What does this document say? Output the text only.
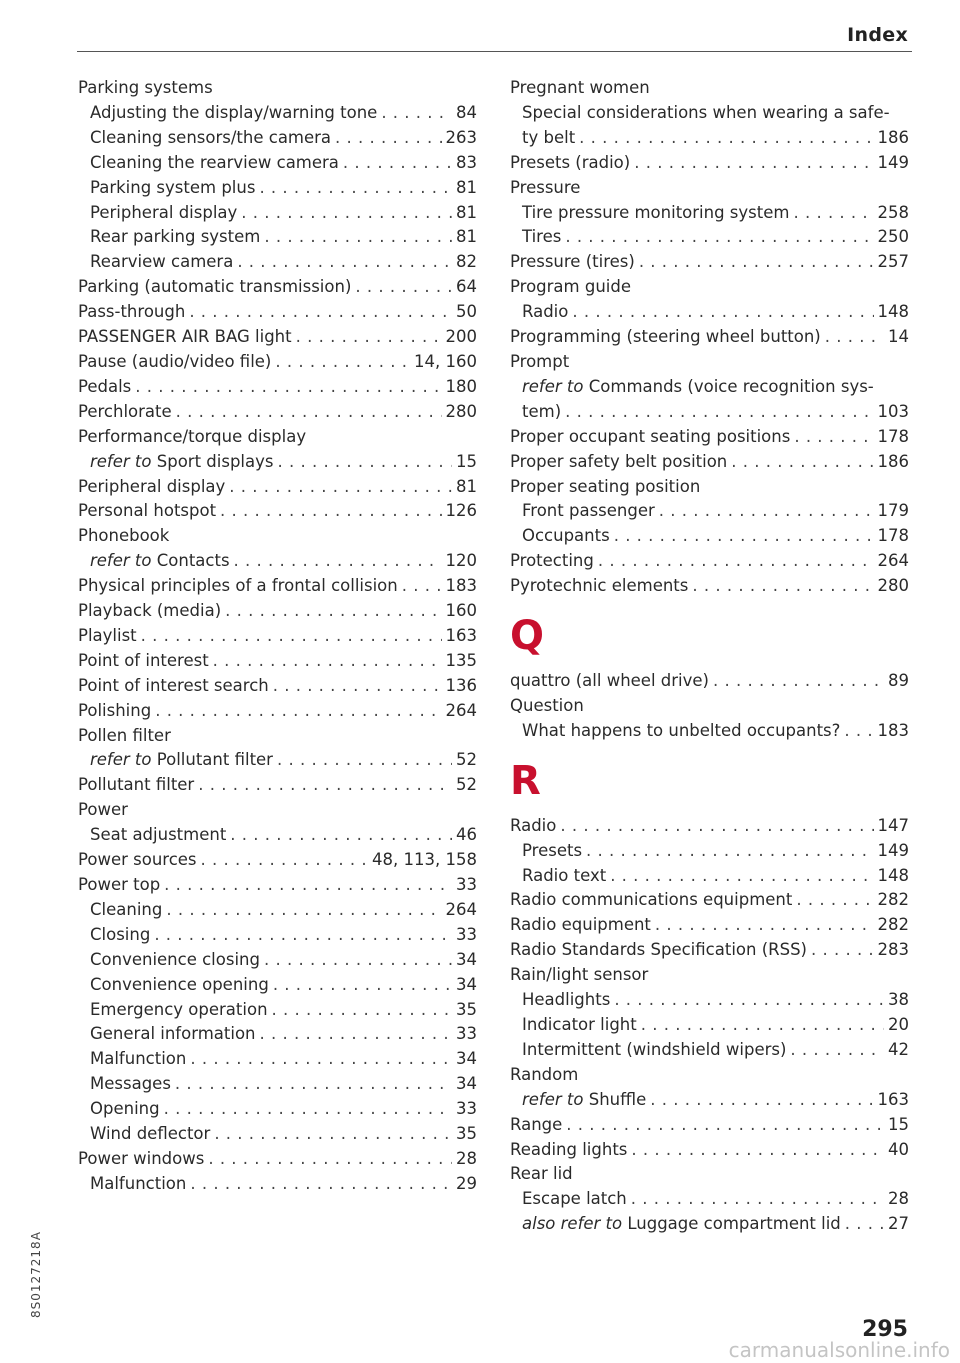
Index
Parking systems
Adjusting the display/warning tone . . .	84
Cleaning sensors/the camera . . .	263
Cleaning the rearview camera . . .	83
Parking system plus . . .	81
Peripheral display . . .	81
Rear parking system . . .	81
Rearview camera . . .	82
Parking (automatic transmission) . . .	64
Pass-through . . .	50
PASSENGER AIR BAG light . . .	200
Pause (audio/video file) . . .	14, 160
Pedals . . .	180
Perchlorate . . .	280
Performance/torque display
refer to Sport displays . . .	15
Peripheral display . . .	81
Personal hotspot . . .	126
Phonebook
refer to Contacts . . .	120
Physical principles of a frontal collision . . .	183
Playback (media) . . .	160
Playlist . . .	163
Point of interest . . .	135
Point of interest search . . .	136
Polishing . . .	264
Pollen filter
refer to Pollutant filter . . .	52
Pollutant filter . . .	52
Power
Seat adjustment . . .	46
Power sources . . .	48, 113, 158
Power top . . .	33
Cleaning . . .	264
Closing . . .	33
Convenience closing . . .	34
Convenience opening . . .	34
Emergency operation . . .	35
General information . . .	33
Malfunction . . .	34
Messages . . .	34
Opening . . .	33
Wind deflector . . .	35
Power windows . . .	28
Malfunction . . .	29
Pregnant women
Special considerations when wearing a safe-
ty belt . . .	186
Presets (radio) . . .	149
Pressure
Tire pressure monitoring system . . .	258
Tires . . .	250
Pressure (tires) . . .	257
Program guide
Radio . . .	148
Programming (steering wheel button) . . .	14
Prompt
refer to Commands (voice recognition sys-
tem) . . .	103
Proper occupant seating positions . . .	178
Proper safety belt position . . .	186
Proper seating position
Front passenger . . .	179
Occupants . . .	178
Protecting . . .	264
Pyrotechnic elements . . .	280
Q
quattro (all wheel drive) . . .	89
Question
What happens to unbelted occupants? . . . 183
R
Radio . . .	147
Presets . . .	149
Radio text . . .	148
Radio communications equipment . . .	282
Radio equipment . . .	282
Radio Standards Specification (RSS) . . .	283
Rain/light sensor
Headlights . . .	38
Indicator light . . .	20
Intermittent (windshield wipers) . . .	42
Random
refer to Shuffle . . .	163
Range . . .	15
Reading lights . . .	40
Rear lid
Escape latch . . .	28
also refer to Luggage compartment lid . . .	27
295
8S0127218A
carmanualsonline.info
